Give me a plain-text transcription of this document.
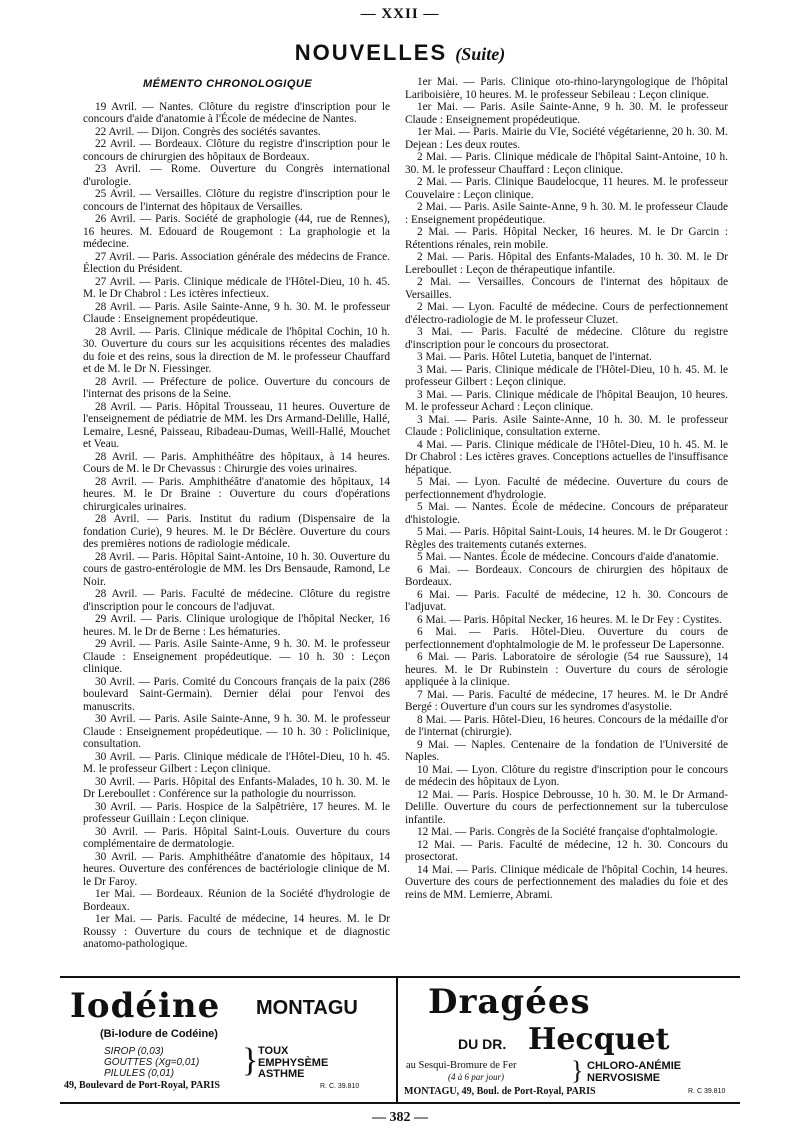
— XXII —
NOUVELLES (Suite)
MÉMENTO CHRONOLOGIQUE

19 Avril. — Nantes. Clôture du registre d'inscription pour le concours d'aide d'anatomie à l'École de médecine de Nantes.

22 Avril. — Dijon. Congrès des sociétés savantes.

22 Avril. — Bordeaux. Clôture du registre d'inscription pour le concours de chirurgien des hôpitaux de Bordeaux.

23 Avril. — Rome. Ouverture du Congrès international d'urologie.

25 Avril. — Versailles. Clôture du registre d'inscription pour le concours de l'internat des hôpitaux de Versailles.

26 Avril. — Paris. Société de graphologie (44, rue de Rennes), 16 heures. M. Edouard de Rougemont : La graphologie et la médecine.

27 Avril. — Paris. Association générale des médecins de France. Élection du Président.

27 Avril. — Paris. Clinique médicale de l'Hôtel-Dieu, 10 h. 45. M. le Dr Chabrol : Les ictères infectieux.

28 Avril. — Paris. Asile Sainte-Anne, 9 h. 30. M. le professeur Claude : Enseignement propédeutique.

28 Avril. — Paris. Clinique médicale de l'hôpital Cochin, 10 h. 30. Ouverture du cours sur les acquisitions récentes des maladies du foie et des reins, sous la direction de M. le professeur Chauffard et de M. le Dr N. Fiessinger.

28 Avril. — Préfecture de police. Ouverture du concours de l'internat des prisons de la Seine.

28 Avril. — Paris. Hôpital Trousseau, 11 heures. Ouverture de l'enseignement de pédiatrie de MM. les Drs Armand-Delille, Hallé, Lemaire, Lesné, Paisseau, Ribadeau-Dumas, Weill-Hallé, Mouchet et Veau.

28 Avril. — Paris. Amphithéâtre des hôpitaux, à 14 heures. Cours de M. le Dr Chevassus : Chirurgie des voies urinaires.

28 Avril. — Paris. Amphithéâtre d'anatomie des hôpitaux, 14 heures. M. le Dr Braine : Ouverture du cours d'opérations chirurgicales urinaires.

28 Avril. — Paris. Institut du radium (Dispensaire de la fondation Curie), 9 heures. M. le Dr Béclère. Ouverture du cours des premières notions de radiologie médicale.

28 Avril. — Paris. Hôpital Saint-Antoine, 10 h. 30. Ouverture du cours de gastro-entérologie de MM. les Drs Bensaude, Ramond, Le Noir.

28 Avril. — Paris. Faculté de médecine. Clôture du registre d'inscription pour le concours de l'adjuvat.

29 Avril. — Paris. Clinique urologique de l'hôpital Necker, 16 heures. M. le Dr de Berne : Les hématuries.

29 Avril. — Paris. Asile Sainte-Anne, 9 h. 30. M. le professeur Claude : Enseignement propédeutique. — 10 h. 30 : Leçon clinique.

30 Avril. — Paris. Comité du Concours français de la paix (286 boulevard Saint-Germain). Dernier délai pour l'envoi des manuscrits.

30 Avril. — Paris. Asile Sainte-Anne, 9 h. 30. M. le professeur Claude : Enseignement propédeutique. — 10 h. 30 : Policlinique, consultation.

30 Avril. — Paris. Clinique médicale de l'Hôtel-Dieu, 10 h. 45. M. le professeur Gilbert : Leçon clinique.

30 Avril. — Paris. Hôpital des Enfants-Malades, 10 h. 30. M. le Dr Lereboullet : Conférence sur la pathologie du nourrisson.

30 Avril. — Paris. Hospice de la Salpêtrière, 17 heures. M. le professeur Guillain : Leçon clinique.

30 Avril. — Paris. Hôpital Saint-Louis. Ouverture du cours complémentaire de dermatologie.

30 Avril. — Paris. Amphithéâtre d'anatomie des hôpitaux, 14 heures. Ouverture des conférences de bactériologie clinique de M. le Dr Faroy.

1er Mai. — Bordeaux. Réunion de la Société d'hydrologie de Bordeaux.

1er Mai. — Paris. Faculté de médecine, 14 heures. M. le Dr Roussy : Ouverture du cours de technique et de diagnostic anatomo-pathologique.

1er Mai. — Paris. Clinique oto-rhino-laryngologique de l'hôpital Lariboisière, 10 heures. M. le professeur Sebileau : Leçon clinique.

1er Mai. — Paris. Asile Sainte-Anne, 9 h. 30. M. le professeur Claude : Enseignement propédeutique.

1er Mai. — Paris. Mairie du VIe, Société végétarienne, 20 h. 30. M. Dejean : Les deux routes.

2 Mai. — Paris. Clinique médicale de l'hôpital Saint-Antoine, 10 h. 30. M. le professeur Chauffard : Leçon clinique.

2 Mai. — Paris. Clinique Baudelocque, 11 heures. M. le professeur Couvelaire : Leçon clinique.

2 Mai. — Paris. Asile Sainte-Anne, 9 h. 30. M. le professeur Claude : Enseignement propédeutique.

2 Mai. — Paris. Hôpital Necker, 16 heures. M. le Dr Garcin : Rétentions rénales, rein mobile.

2 Mai. — Paris. Hôpital des Enfants-Malades, 10 h. 30. M. le Dr Lereboullet : Leçon de thérapeutique infantile.

2 Mai. — Versailles. Concours de l'internat des hôpitaux de Versailles.

2 Mai. — Lyon. Faculté de médecine. Cours de perfectionnement d'électro-radiologie de M. le professeur Cluzet.

3 Mai. — Paris. Faculté de médecine. Clôture du registre d'inscription pour le concours du prosectorat.

3 Mai. — Paris. Hôtel Lutetia, banquet de l'internat.

3 Mai. — Paris. Clinique médicale de l'Hôtel-Dieu, 10 h. 45. M. le professeur Gilbert : Leçon clinique.

3 Mai. — Paris. Clinique médicale de l'hôpital Beaujon, 10 heures. M. le professeur Achard : Leçon clinique.

3 Mai. — Paris. Asile Sainte-Anne, 10 h. 30. M. le professeur Claude : Policlinique, consultation externe.

4 Mai. — Paris. Clinique médicale de l'Hôtel-Dieu, 10 h. 45. M. le Dr Chabrol : Les ictères graves. Conceptions actuelles de l'insuffisance hépatique.

5 Mai. — Lyon. Faculté de médecine. Ouverture du cours de perfectionnement d'hydrologie.

5 Mai. — Nantes. École de médecine. Concours de préparateur d'histologie.

5 Mai. — Paris. Hôpital Saint-Louis, 14 heures. M. le Dr Gougerot : Règles des traitements cutanés externes.

5 Mai. — Nantes. École de médecine. Concours d'aide d'anatomie.

6 Mai. — Bordeaux. Concours de chirurgien des hôpitaux de Bordeaux.

6 Mai. — Paris. Faculté de médecine, 12 h. 30. Concours de l'adjuvat.

6 Mai. — Paris. Hôpital Necker, 16 heures. M. le Dr Fey : Cystites.

6 Mai. — Paris. Hôtel-Dieu. Ouverture du cours de perfectionnement d'ophtalmologie de M. le professeur De Lapersonne.

6 Mai. — Paris. Laboratoire de sérologie (54 rue Saussure), 14 heures. M. le Dr Rubinstein : Ouverture du cours de sérologie appliquée à la clinique.

7 Mai. — Paris. Faculté de médecine, 17 heures. M. le Dr André Bergé : Ouverture d'un cours sur les syndromes d'asystolie.

8 Mai. — Paris. Hôtel-Dieu, 16 heures. Concours de la médaille d'or de l'internat (chirurgie).

9 Mai. — Naples. Centenaire de la fondation de l'Université de Naples.

10 Mai. — Lyon. Clôture du registre d'inscription pour le concours de médecin des hôpitaux de Lyon.

12 Mai. — Paris. Hospice Debrousse, 10 h. 30. M. le Dr Armand-Delille. Ouverture du cours de perfectionnement sur la tuberculose infantile.

12 Mai. — Paris. Congrès de la Société française d'ophtalmologie.

12 Mai. — Paris. Faculté de médecine, 12 h. 30. Concours du prosectorat.

14 Mai. — Paris. Clinique médicale de l'hôpital Cochin, 14 heures. Ouverture des cours de perfectionnement des maladies du foie et des reins de MM. Lemierre, Abrami.

Iodéine MONTAGU
(Bi-Iodure de Codéine)
SIROP (0,03)
GOUTTES (Xg=0,01)
PILULES (0,01)	} TOUX
EMPHYSÈME
ASTHME
49, Boulevard de Port-Royal, PARIS	R. C. 39.810
Dragées
DU DR. Hecquet
au Sesqui-Bromure de Fer
(4 à 6 par jour)	} CHLORO-ANÉMIE
NERVOSISME
MONTAGU, 49, Boul. de Port-Royal, PARIS	R. C 39.810
— 382 —
